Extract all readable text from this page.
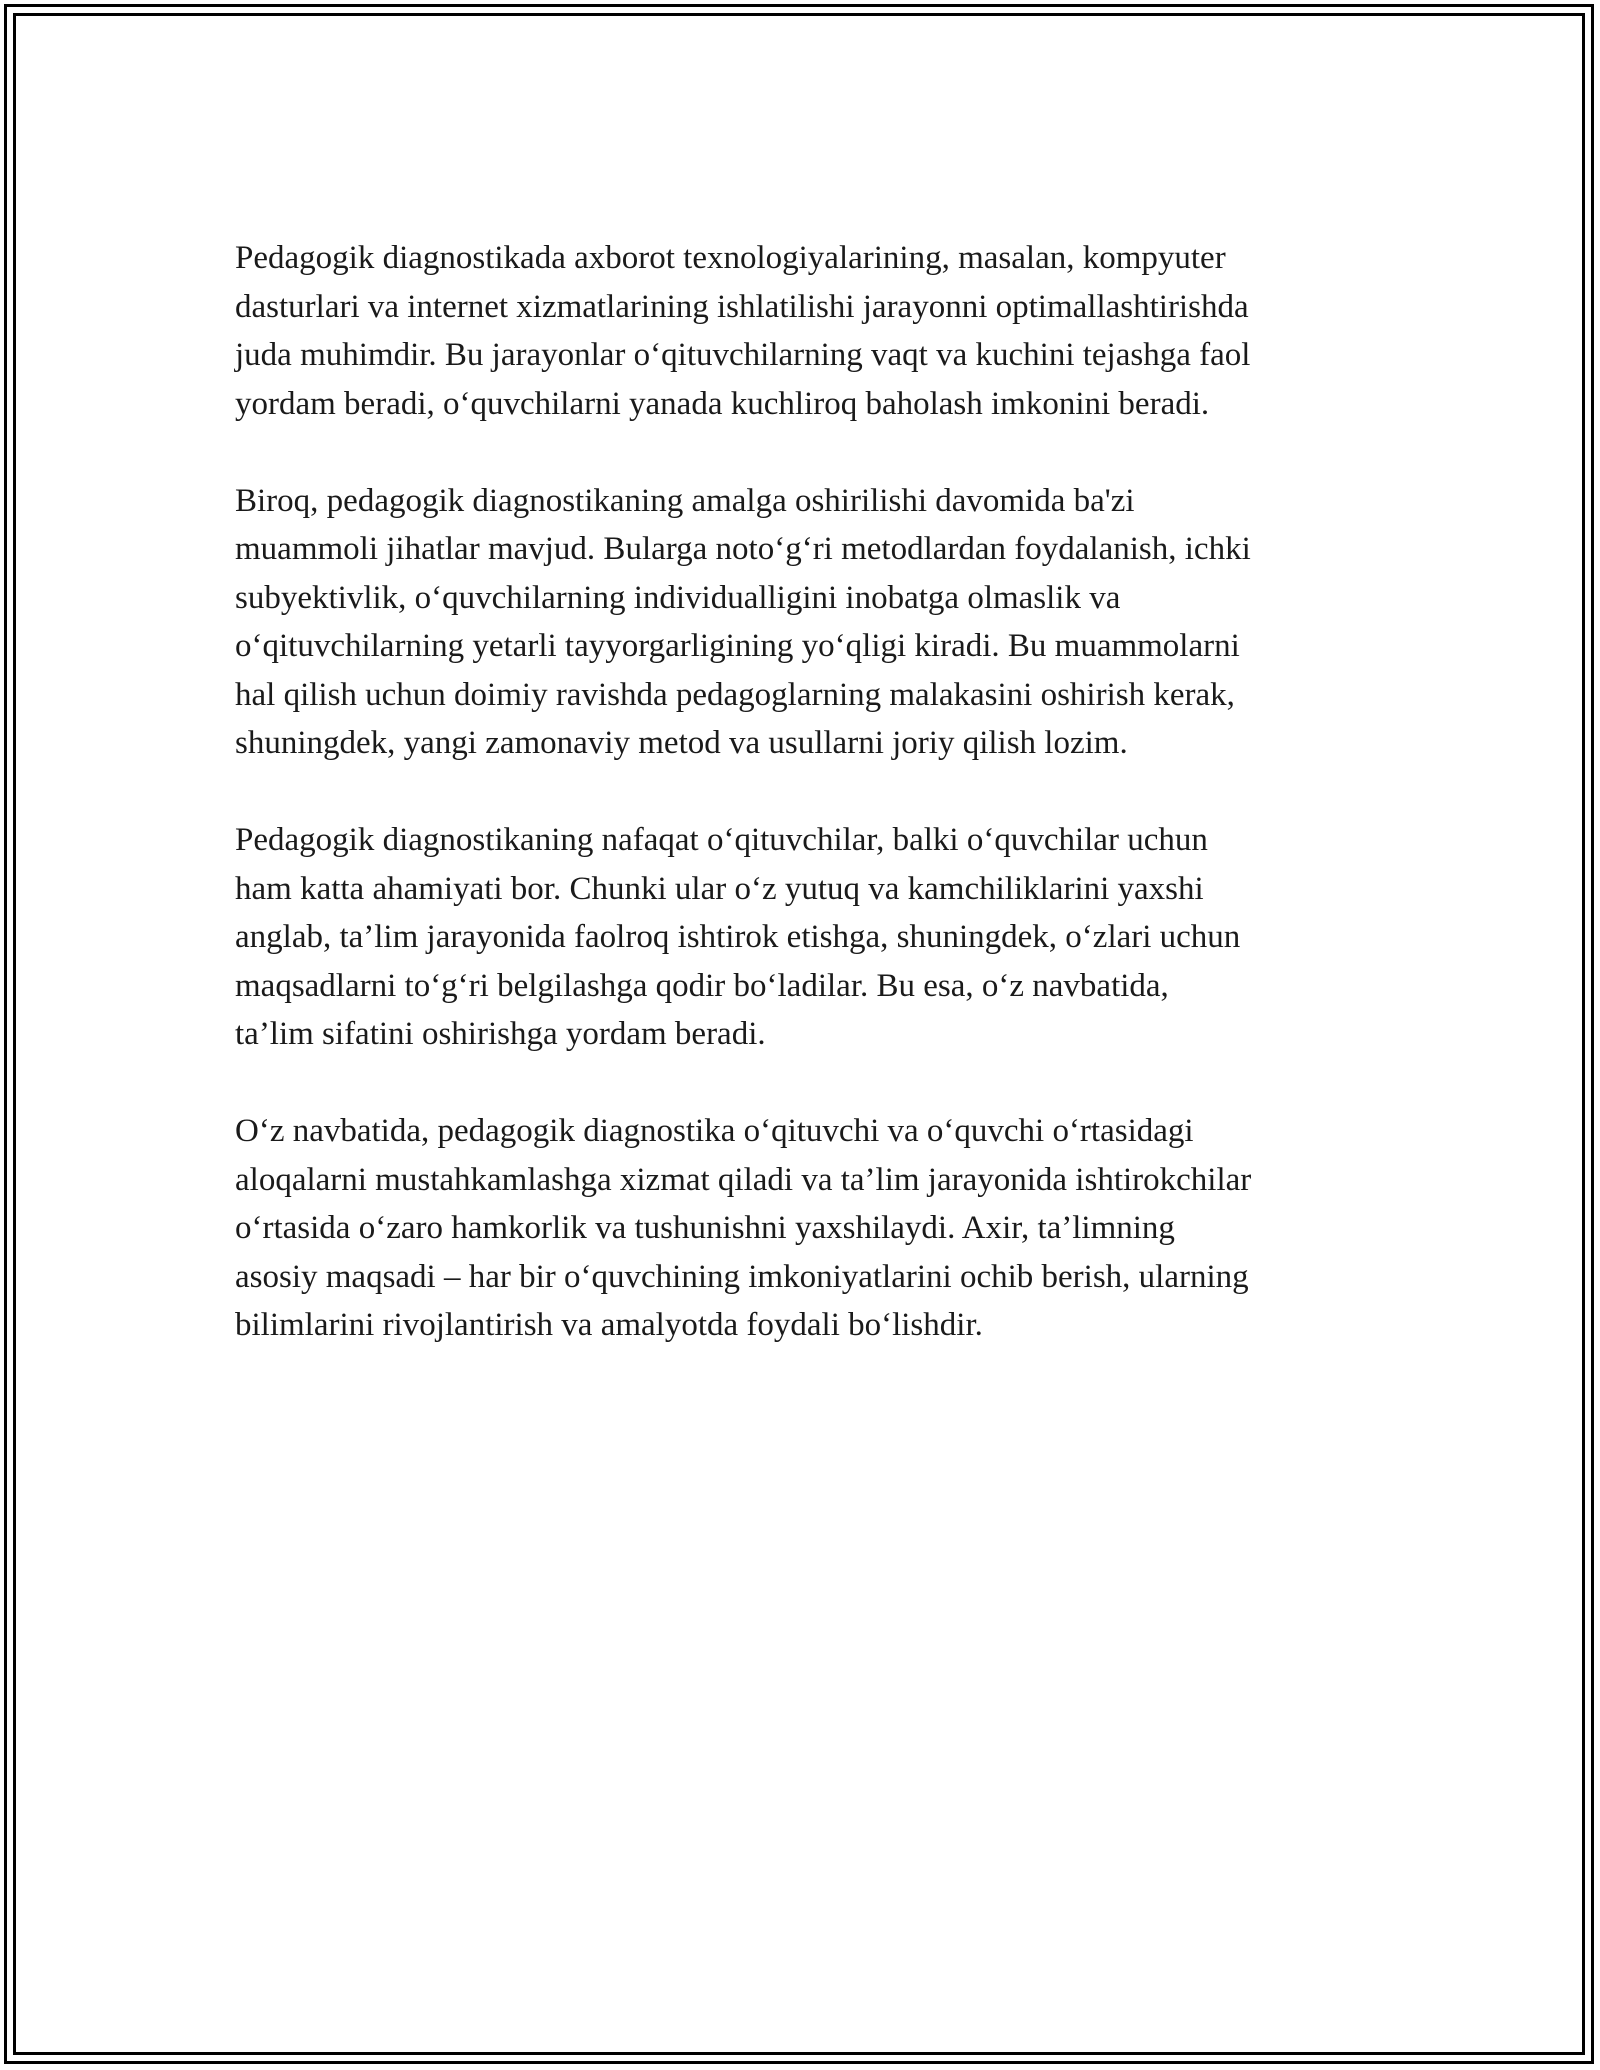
Pedagogik diagnostikada axborot texnologiyalarining, masalan, kompyuter
dasturlari va internet xizmatlarining ishlatilishi jarayonni optimallashtirishda
juda muhimdir. Bu jarayonlar oʻqituvchilarning vaqt va kuchini tejashga faol
yordam beradi, oʻquvchilarni yanada kuchliroq baholash imkonini beradi.

Biroq, pedagogik diagnostikaning amalga oshirilishi davomida ba'zi
muammoli jihatlar mavjud. Bularga notoʻgʻri metodlardan foydalanish, ichki
subyektivlik, oʻquvchilarning individualligini inobatga olmaslik va
oʻqituvchilarning yetarli tayyorgarligining yoʻqligi kiradi. Bu muammolarni
hal qilish uchun doimiy ravishda pedagoglarning malakasini oshirish kerak,
shuningdek, yangi zamonaviy metod va usullarni joriy qilish lozim.

Pedagogik diagnostikaning nafaqat oʻqituvchilar, balki oʻquvchilar uchun
ham katta ahamiyati bor. Chunki ular oʻz yutuq va kamchiliklarini yaxshi
anglab, ta’lim jarayonida faolroq ishtirok etishga, shuningdek, oʻzlari uchun
maqsadlarni toʻgʻri belgilashga qodir boʻladilar. Bu esa, oʻz navbatida,
ta’lim sifatini oshirishga yordam beradi.

Oʻz navbatida, pedagogik diagnostika oʻqituvchi va oʻquvchi oʻrtasidagi
aloqalarni mustahkamlashga xizmat qiladi va ta’lim jarayonida ishtirokchilar
oʻrtasida oʻzaro hamkorlik va tushunishni yaxshilaydi. Axir, ta’limning
asosiy maqsadi – har bir oʻquvchining imkoniyatlarini ochib berish, ularning
bilimlarini rivojlantirish va amalyotda foydali boʻlishdir.
